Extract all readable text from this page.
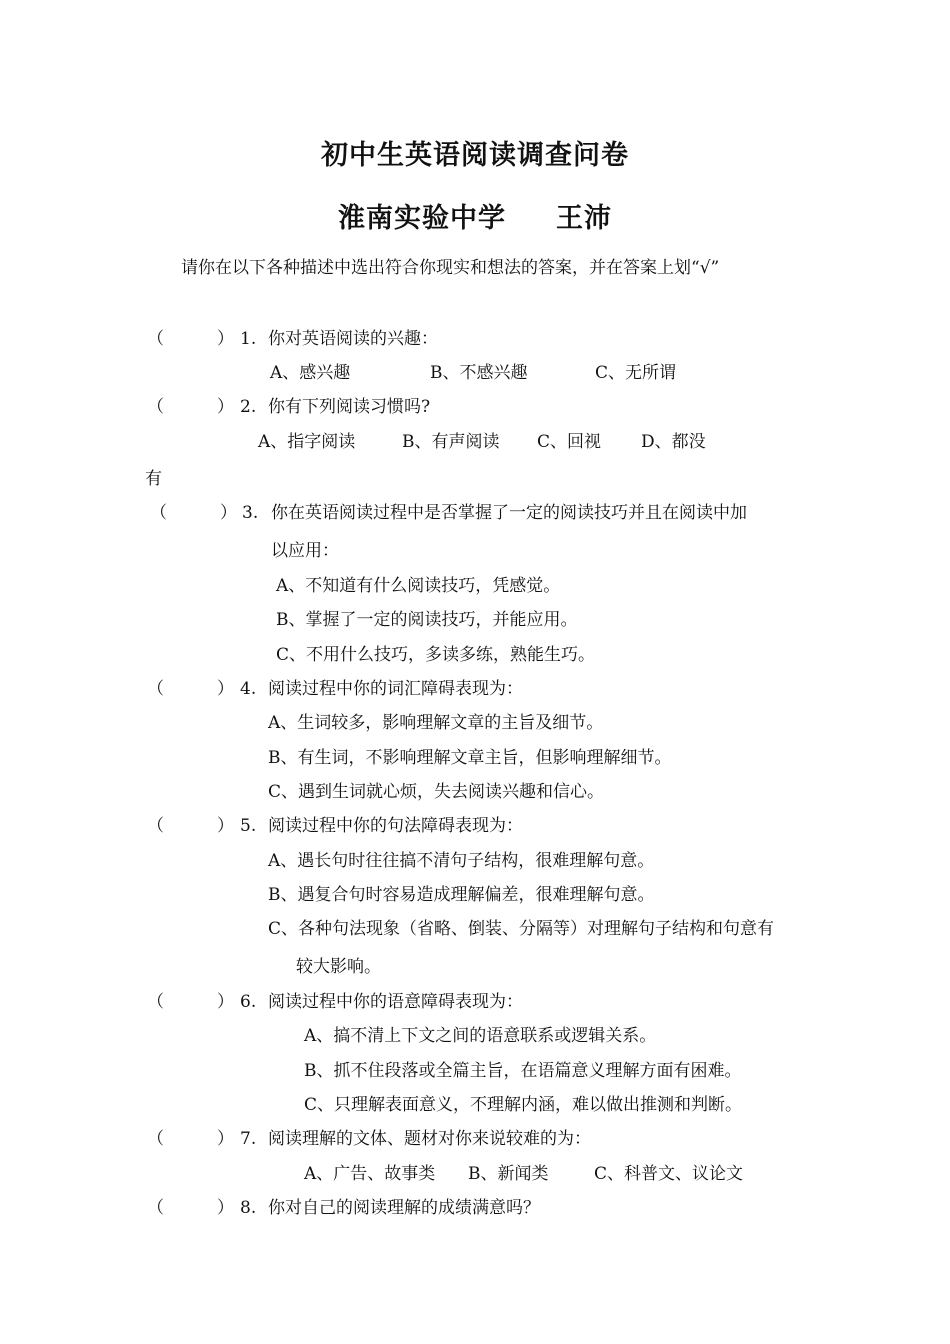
初中生英语阅读调查问卷
淮南实验中学 王沛
请你在以下各种描述中选出符合你现实和想法的答案，并在答案上划“√”
（	） 1. 你对英语阅读的兴趣：
A、感兴趣	B、不感兴趣	C、无所谓
（	） 2. 你有下列阅读习惯吗?
A、指字阅读	B、有声阅读 C、回视 D、都没
有
（	） 3. 你在英语阅读过程中是否掌握了一定的阅读技巧并且在阅读中加
以应用：
A、不知道有什么阅读技巧，凭感觉。
B、掌握了一定的阅读技巧，并能应用。
C、不用什么技巧，多读多练，熟能生巧。
（	） 4. 阅读过程中你的词汇障碍表现为：
A、生词较多，影响理解文章的主旨及细节。
B、有生词，不影响理解文章主旨，但影响理解细节。
C、遇到生词就心烦，失去阅读兴趣和信心。
（	） 5. 阅读过程中你的句法障碍表现为：
A、遇长句时往往搞不清句子结构，很难理解句意。
B、遇复合句时容易造成理解偏差，很难理解句意。
C、各种句法现象（省略、倒装、分隔等）对理解句子结构和句意有
较大影响。
（	） 6. 阅读过程中你的语意障碍表现为：
A、搞不清上下文之间的语意联系或逻辑关系。
B、抓不住段落或全篇主旨，在语篇意义理解方面有困难。
C、只理解表面意义，不理解内涵，难以做出推测和判断。
（	） 7. 阅读理解的文体、题材对你来说较难的为：
A、广告、故事类 B、新闻类	C、科普文、议论文
（	） 8. 你对自己的阅读理解的成绩满意吗？
